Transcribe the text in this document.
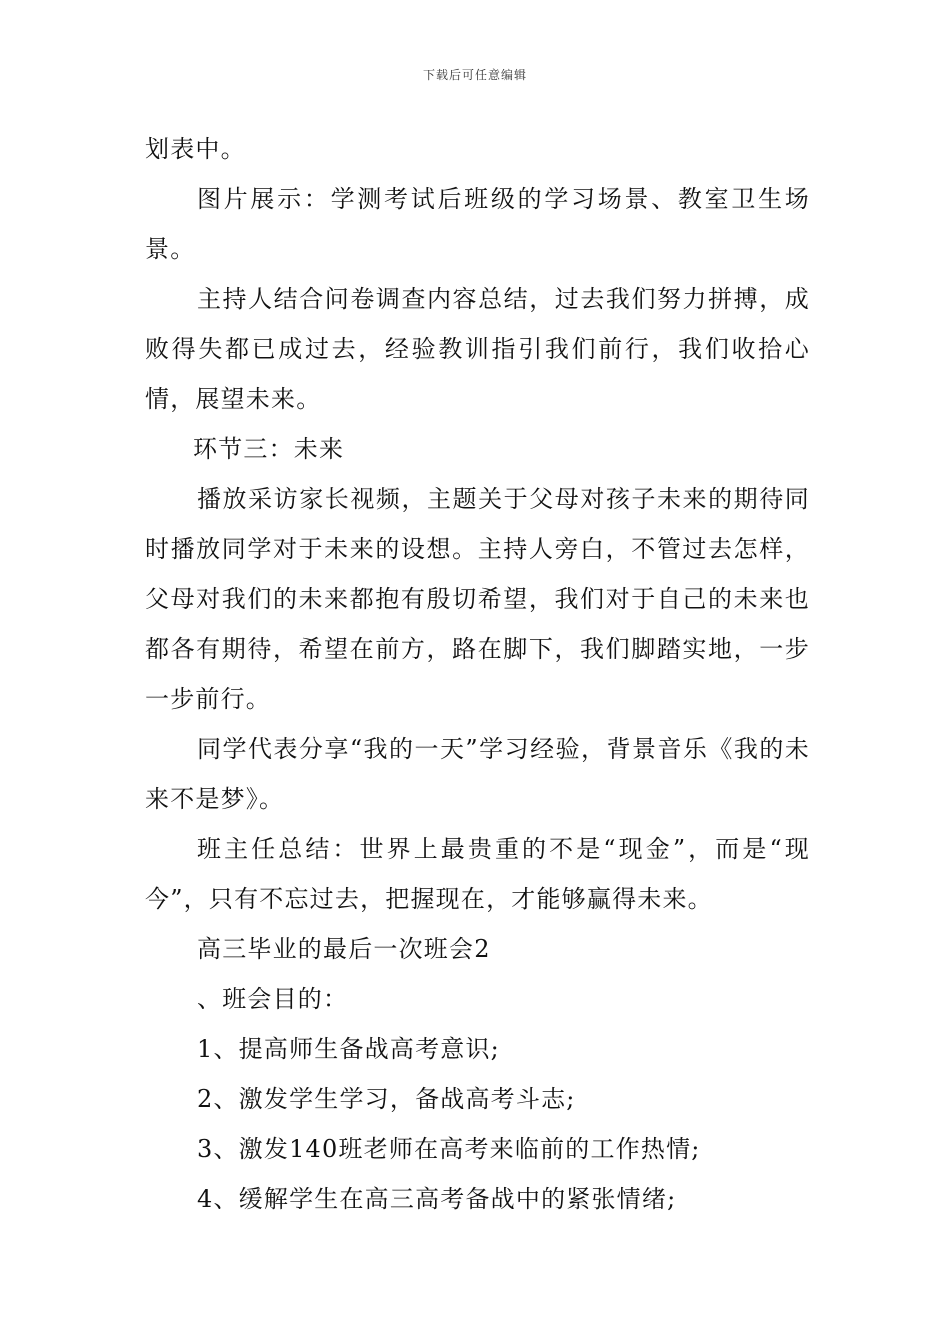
下载后可任意编辑

划表中。

图片展示：学测考试后班级的学习场景、教室卫生场景。

主持人结合问卷调查内容总结，过去我们努力拼搏，成败得失都已成过去，经验教训指引我们前行，我们收拾心情，展望未来。

环节三：未来

播放采访家长视频，主题关于父母对孩子未来的期待同时播放同学对于未来的设想。主持人旁白，不管过去怎样，父母对我们的未来都抱有殷切希望，我们对于自己的未来也都各有期待，希望在前方，路在脚下，我们脚踏实地，一步一步前行。

同学代表分享“我的一天”学习经验，背景音乐《我的未来不是梦》。

班主任总结：世界上最贵重的不是“现金”，而是“现今”，只有不忘过去，把握现在，才能够赢得未来。

高三毕业的最后一次班会2

、班会目的：

1、提高师生备战高考意识;

2、激发学生学习，备战高考斗志;

3、激发140班老师在高考来临前的工作热情;

4、缓解学生在高三高考备战中的紧张情绪;
